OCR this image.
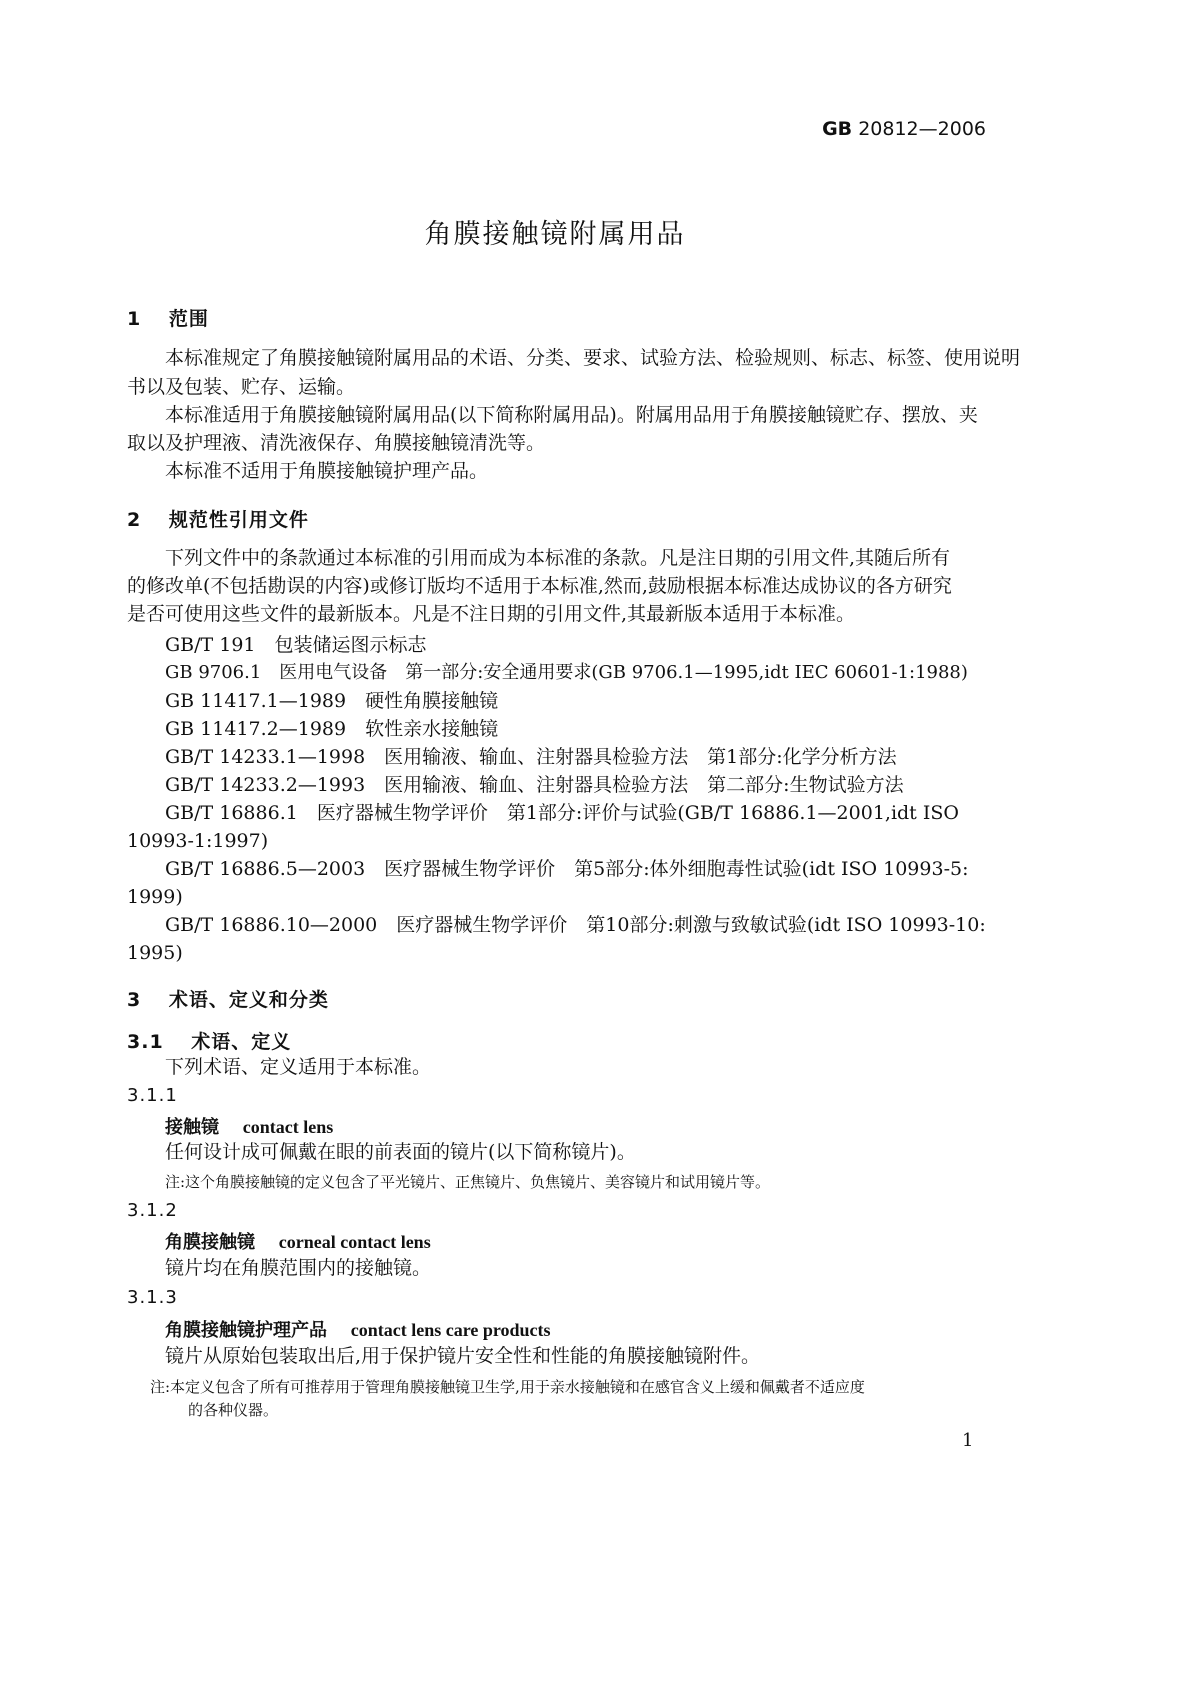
GB 20812—2006
角膜接触镜附属用品
1　 范围
本标准规定了角膜接触镜附属用品的术语、分类、要求、试验方法、检验规则、标志、标签、使用说明
书以及包装、贮存、运输。
本标准适用于角膜接触镜附属用品(以下简称附属用品)。附属用品用于角膜接触镜贮存、摆放、夹
取以及护理液、清洗液保存、角膜接触镜清洗等。
本标准不适用于角膜接触镜护理产品。
2　 规范性引用文件
下列文件中的条款通过本标准的引用而成为本标准的条款。凡是注日期的引用文件,其随后所有
的修改单(不包括勘误的内容)或修订版均不适用于本标准,然而,鼓励根据本标准达成协议的各方研究
是否可使用这些文件的最新版本。凡是不注日期的引用文件,其最新版本适用于本标准。
GB/T 191　包装储运图示标志
GB 9706.1　医用电气设备　第一部分:安全通用要求(GB 9706.1—1995,idt IEC 60601-1:1988)
GB 11417.1—1989　硬性角膜接触镜
GB 11417.2—1989　软性亲水接触镜
GB/T 14233.1—1998　医用输液、输血、注射器具检验方法　第1部分:化学分析方法
GB/T 14233.2—1993　医用输液、输血、注射器具检验方法　第二部分:生物试验方法
GB/T 16886.1　医疗器械生物学评价　第1部分:评价与试验(GB/T 16886.1—2001,idt ISO
10993-1:1997)
GB/T 16886.5—2003　医疗器械生物学评价　第5部分:体外细胞毒性试验(idt ISO 10993-5:
1999)
GB/T 16886.10—2000　医疗器械生物学评价　第10部分:刺激与致敏试验(idt ISO 10993-10:
1995)
3　 术语、定义和分类
3.1　 术语、定义
下列术语、定义适用于本标准。
3.1.1
接触镜　 contact lens
任何设计成可佩戴在眼的前表面的镜片(以下简称镜片)。
注:这个角膜接触镜的定义包含了平光镜片、正焦镜片、负焦镜片、美容镜片和试用镜片等。
3.1.2
角膜接触镜　 corneal contact lens
镜片均在角膜范围内的接触镜。
3.1.3
角膜接触镜护理产品　 contact lens care products
镜片从原始包装取出后,用于保护镜片安全性和性能的角膜接触镜附件。
注:本定义包含了所有可推荐用于管理角膜接触镜卫生学,用于亲水接触镜和在感官含义上缓和佩戴者不适应度
的各种仪器。
1
